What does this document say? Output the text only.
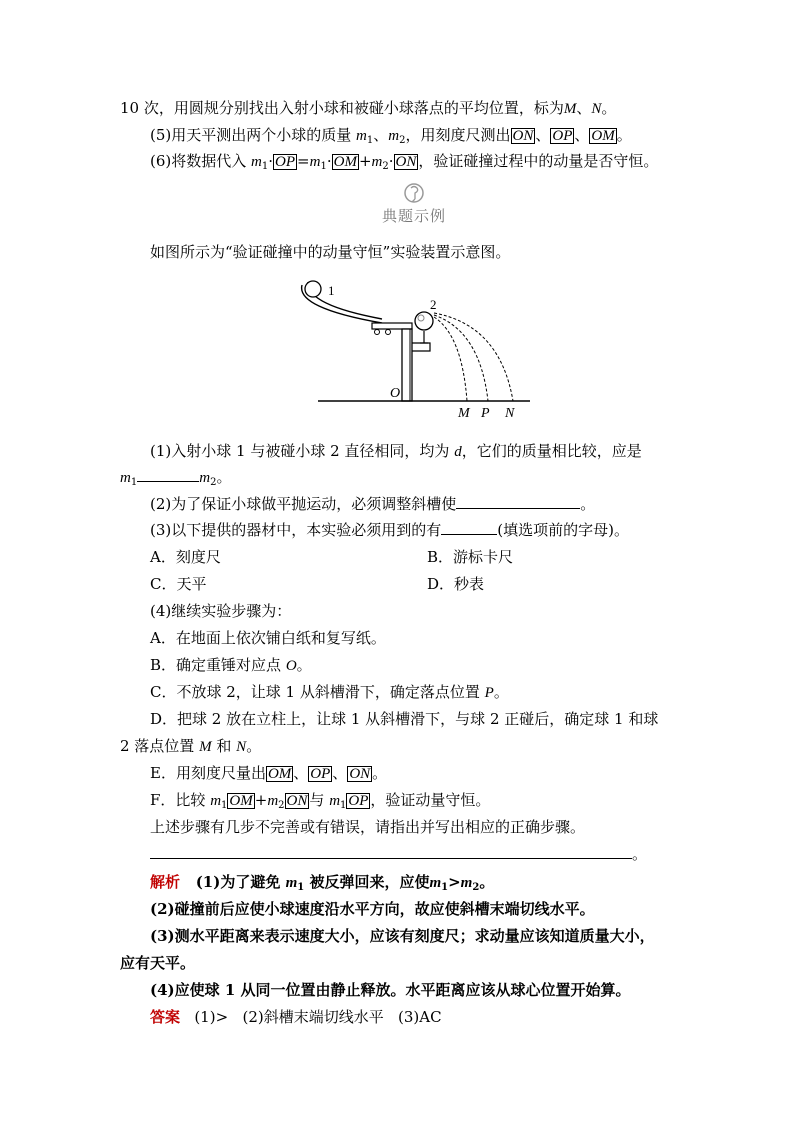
10 次，用圆规分别找出入射小球和被碰小球落点的平均位置，标为M、N。
(5)用天平测出两个小球的质量 $m_1$、$m_2$，用刻度尺测出 ON 、 OP 、 OM 。
(6)将数据代入 $m_1\cdot$ OP $=m_1\cdot$ OM $+m_2\cdot$ ON ，验证碰撞过程中的动量是否守恒。
典题示例
如图所示为“验证碰撞中的动量守恒”实验装置示意图。
1
2
O
M P N
(1)入射小球 1 与被碰小球 2 直径相同，均为 d，它们的质量相比较，应是
$m_1$	$m_2$。
(2)为了保证小球做平抛运动，必须调整斜槽使	。
(3)以下提供的器材中，本实验必须用到的有	(填选项前的字母)。
A．刻度尺	B．游标卡尺
C．天平	D．秒表
(4)继续实验步骤为：
A．在地面上依次铺白纸和复写纸。
B．确定重锤对应点 O。
C．不放球 2，让球 1 从斜槽滑下，确定落点位置 P。
D．把球 2 放在立柱上，让球 1 从斜槽滑下，与球 2 正碰后，确定球 1 和球
2 落点位置 M 和 N。
E．用刻度尺量出 OM 、 OP 、 ON 。
F．比较 $m_1$ OM $+m_2$ ON 与 $m_1$ OP ，验证动量守恒。
上述步骤有几步不完善或有错误，请指出并写出相应的正确步骤。
。
解析 (1)为了避免 $m_1$ 被反弹回来，应使$m_1>m_2$。
(2)碰撞前后应使小球速度沿水平方向，故应使斜槽末端切线水平。
(3)测水平距离来表示速度大小，应该有刻度尺；求动量应该知道质量大小，
应有天平。
(4)应使球 1 从同一位置由静止释放。水平距离应该从球心位置开始算。
答案 (1)> (2)斜槽末端切线水平 (3)AC
